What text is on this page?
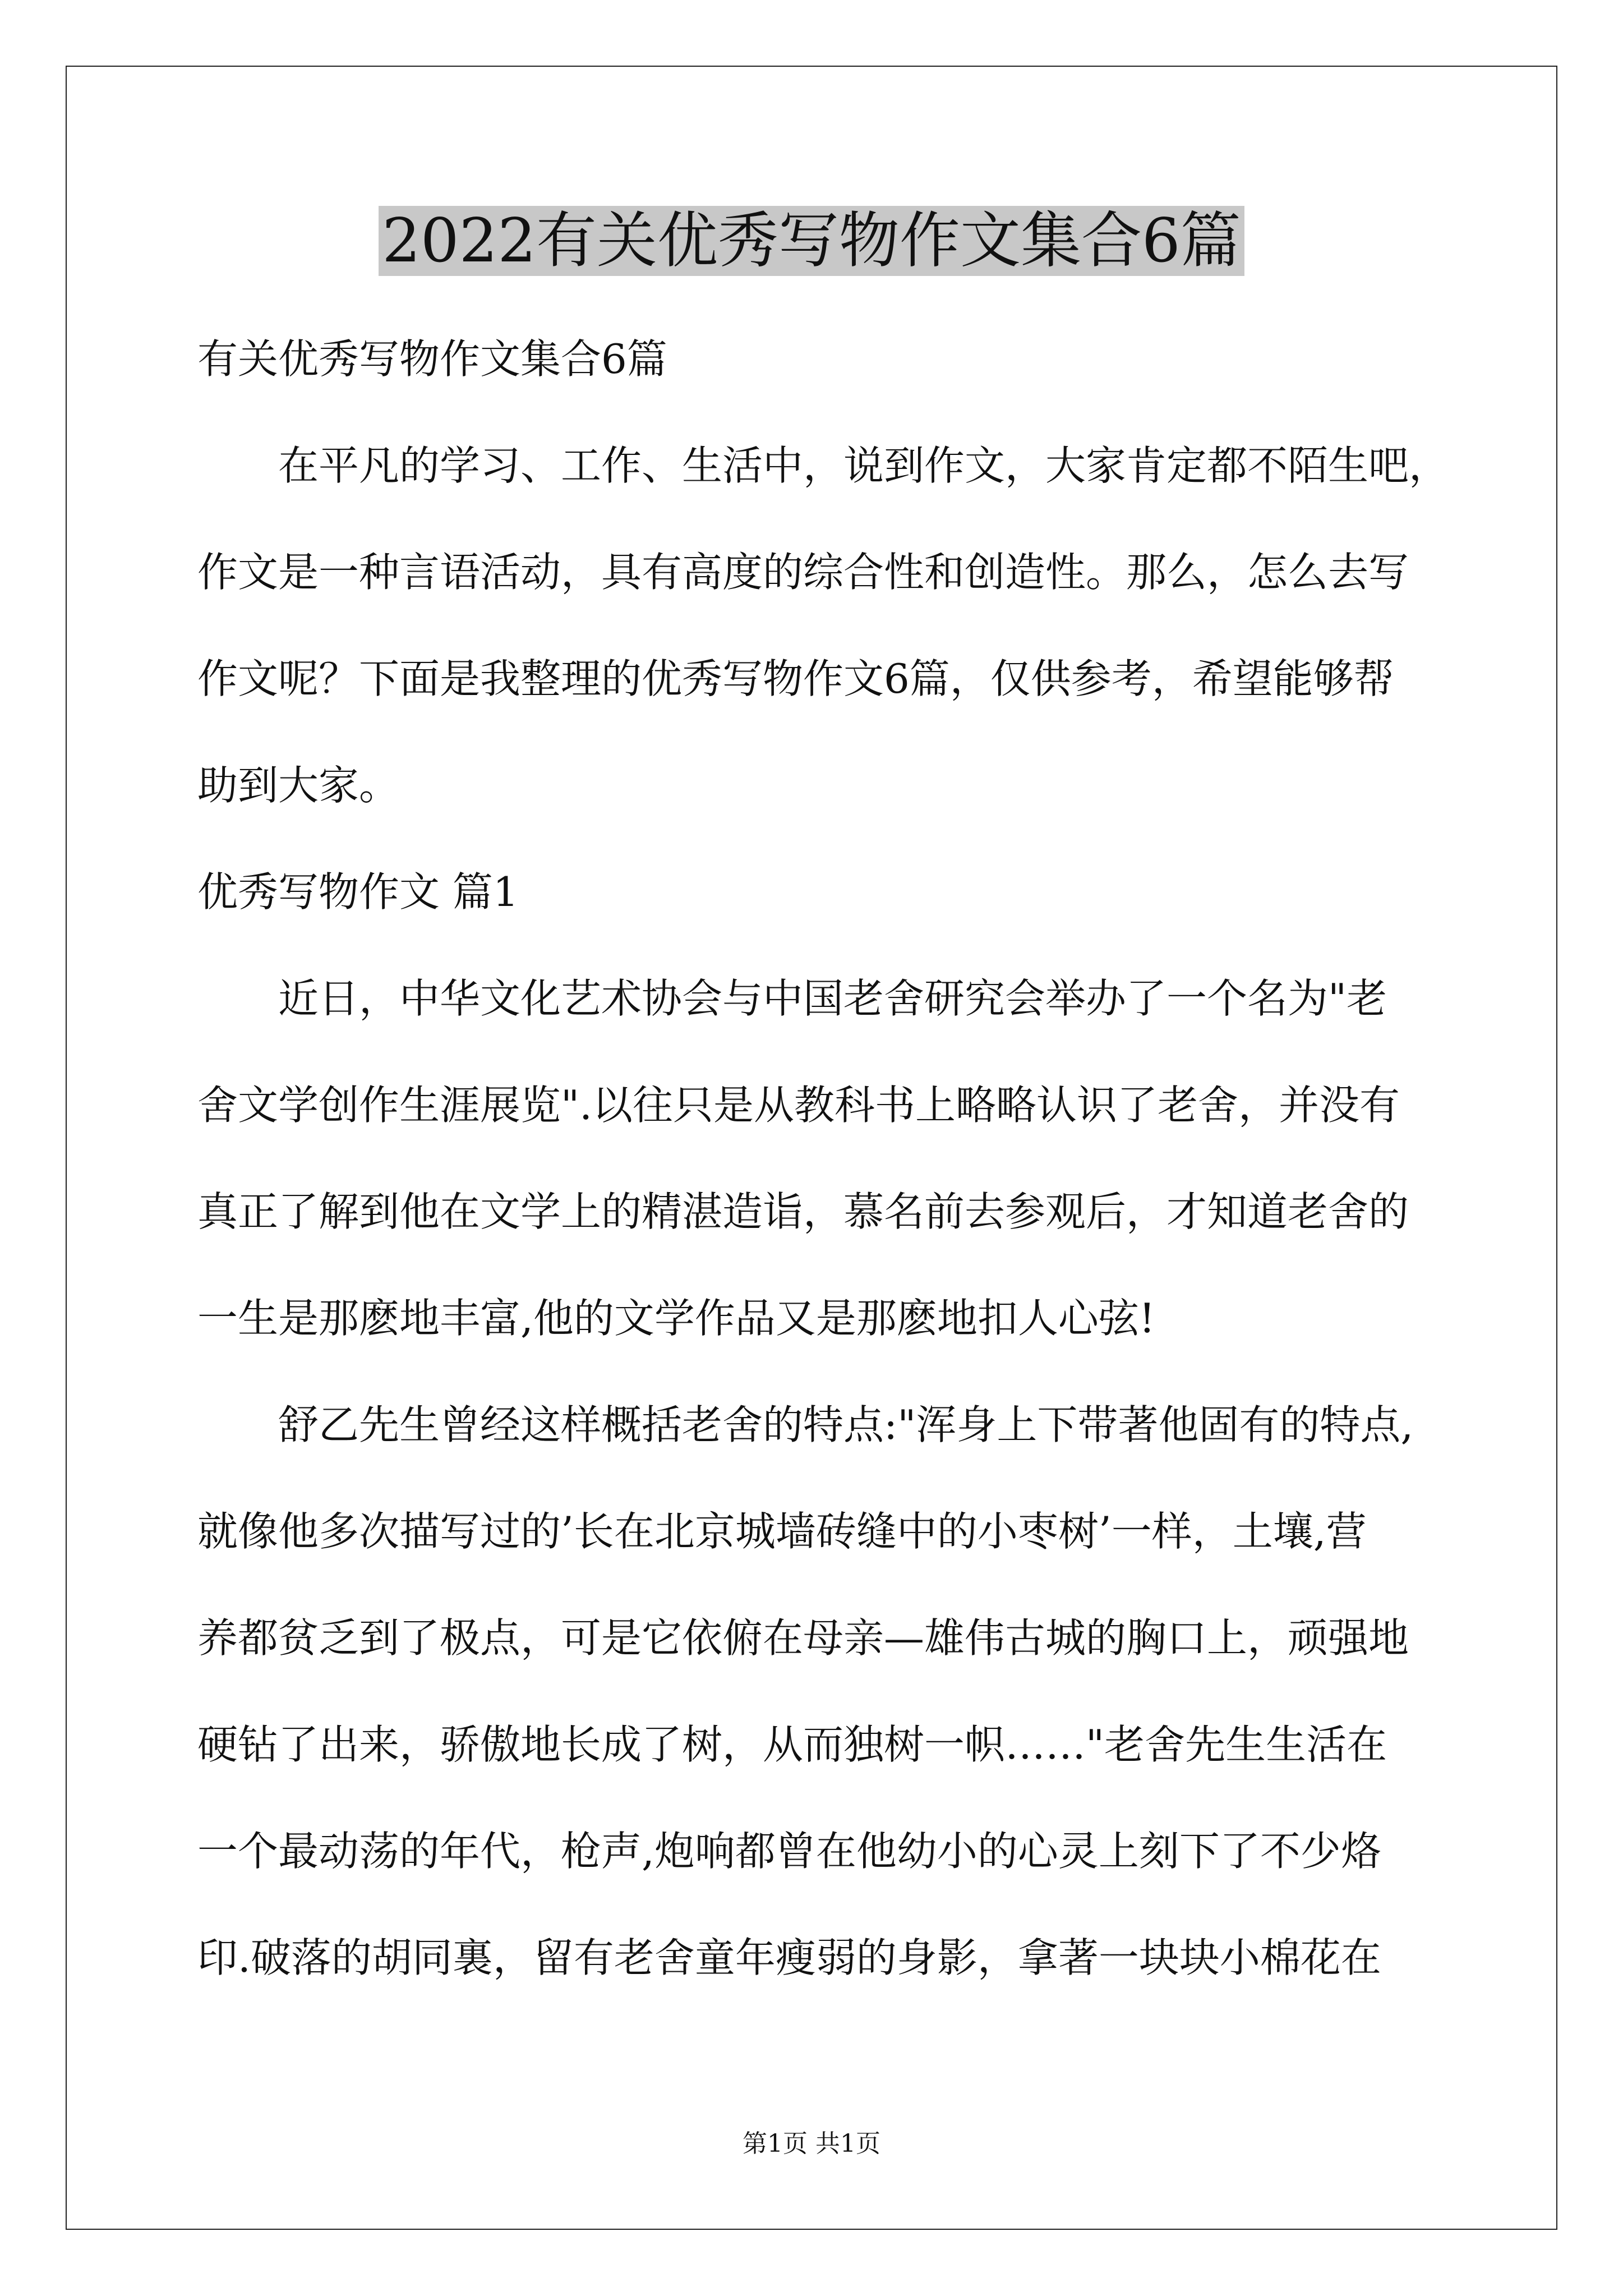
2022有关优秀写物作文集合6篇
有关优秀写物作文集合6篇
在平凡的学习、工作、生活中，说到作文，大家肯定都不陌生吧，
作文是一种言语活动，具有高度的综合性和创造性。那么，怎么去写
作文呢？下面是我整理的优秀写物作文6篇，仅供参考，希望能够帮
助到大家。
优秀写物作文 篇1
近日，中华文化艺术协会与中国老舍研究会举办了一个名为"老
舍文学创作生涯展览".以往只是从教科书上略略认识了老舍，并没有
真正了解到他在文学上的精湛造诣，慕名前去参观后，才知道老舍的
一生是那麽地丰富,他的文学作品又是那麽地扣人心弦!
舒乙先生曾经这样概括老舍的特点:"浑身上下带著他固有的特点,
就像他多次描写过的’长在北京城墙砖缝中的小枣树’一样，土壤,营
养都贫乏到了极点，可是它依俯在母亲—雄伟古城的胸口上，顽强地
硬钻了出来，骄傲地长成了树，从而独树一帜……"老舍先生生活在
一个最动荡的年代，枪声,炮响都曾在他幼小的心灵上刻下了不少烙
印.破落的胡同裏，留有老舍童年瘦弱的身影，拿著一块块小棉花在
第1页 共1页
